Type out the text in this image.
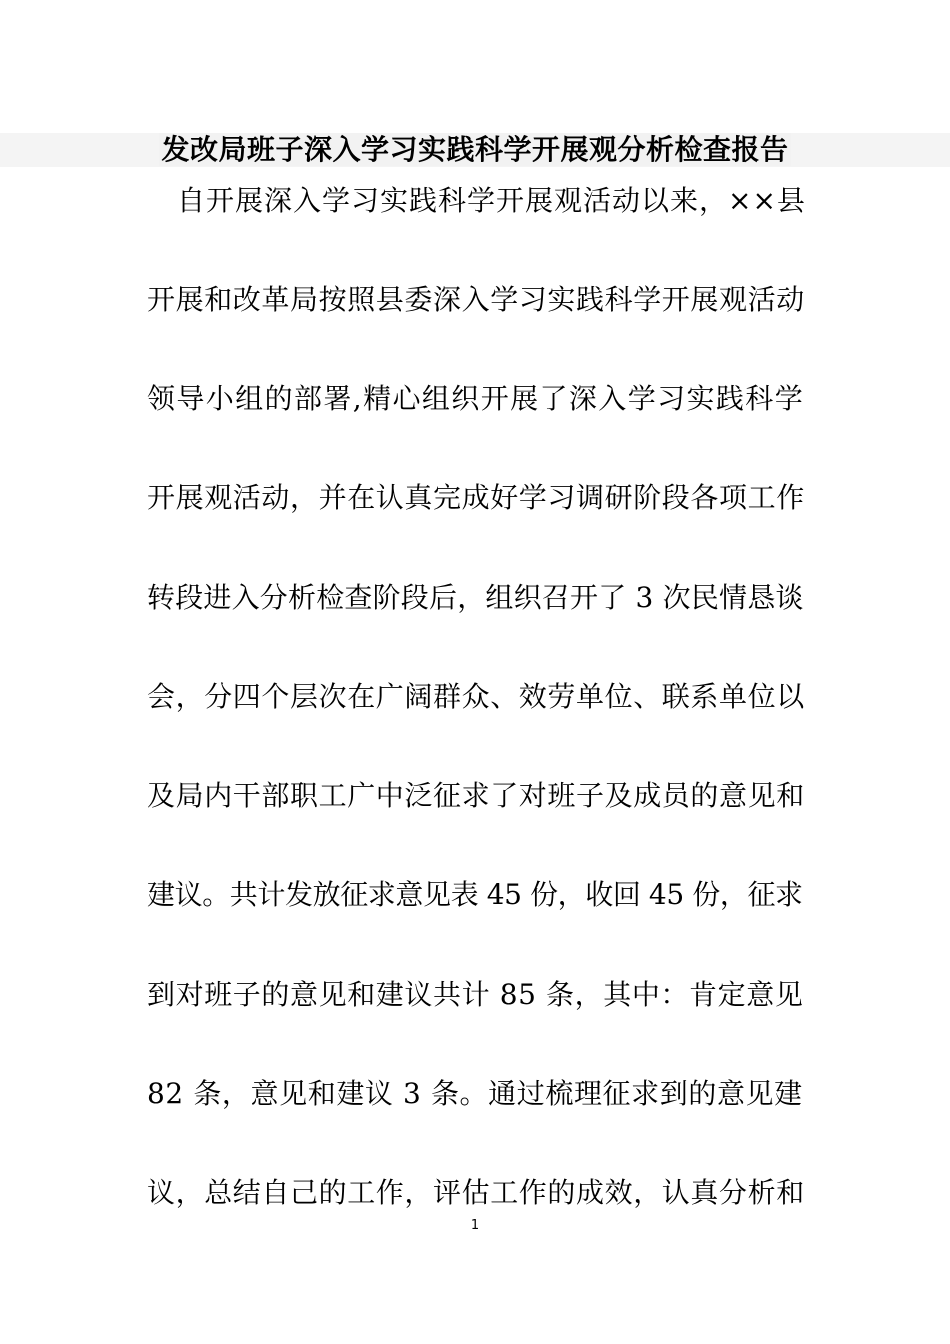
发改局班子深入学习实践科学开展观分析检查报告
自开展深入学习实践科学开展观活动以来，××县
开展和改革局按照县委深入学习实践科学开展观活动
领导小组的部署,精心组织开展了深入学习实践科学
开展观活动，并在认真完成好学习调研阶段各项工作
转段进入分析检查阶段后，组织召开了 3 次民情恳谈
会，分四个层次在广阔群众、效劳单位、联系单位以
及局内干部职工广中泛征求了对班子及成员的意见和
建议。共计发放征求意见表 45 份，收回 45 份，征求
到对班子的意见和建议共计 85 条，其中：肯定意见
82 条，意见和建议 3 条。通过梳理征求到的意见建
议，总结自己的工作，评估工作的成效，认真分析和
1
